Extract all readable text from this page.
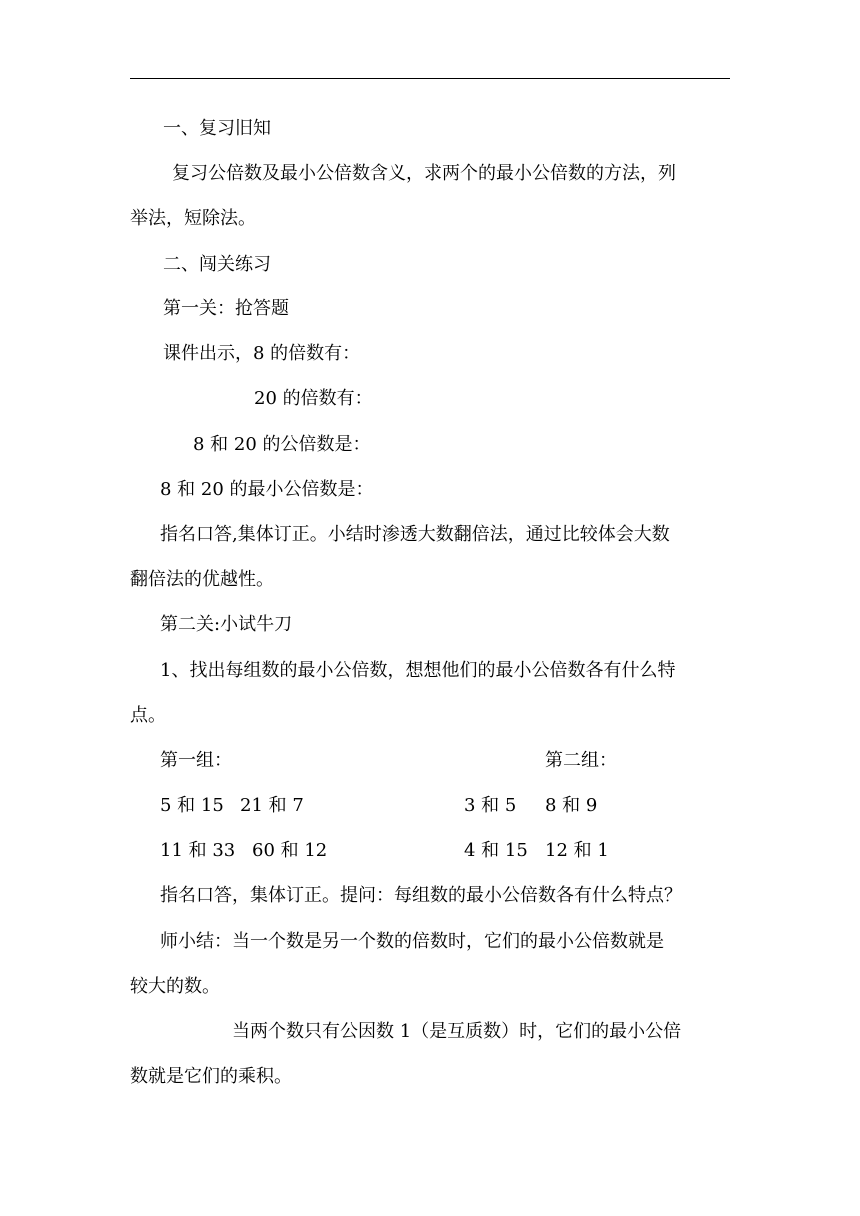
一、复习旧知
复习公倍数及最小公倍数含义，求两个的最小公倍数的方法，列
举法，短除法。
二、闯关练习
第一关：抢答题
课件出示，8 的倍数有：
20 的倍数有：
8 和 20 的公倍数是：
8 和 20 的最小公倍数是：
指名口答,集体订正。小结时渗透大数翻倍法，通过比较体会大数
翻倍法的优越性。
第二关:小试牛刀
1、找出每组数的最小公倍数，想想他们的最小公倍数各有什么特
点。
第一组：	第二组：
5 和 15 21 和 7	3 和 5 8 和 9
11 和 33 60 和 12	4 和 15 12 和 1
指名口答，集体订正。提问：每组数的最小公倍数各有什么特点？
师小结：当一个数是另一个数的倍数时，它们的最小公倍数就是
较大的数。
当两个数只有公因数 1（是互质数）时，它们的最小公倍
数就是它们的乘积。
